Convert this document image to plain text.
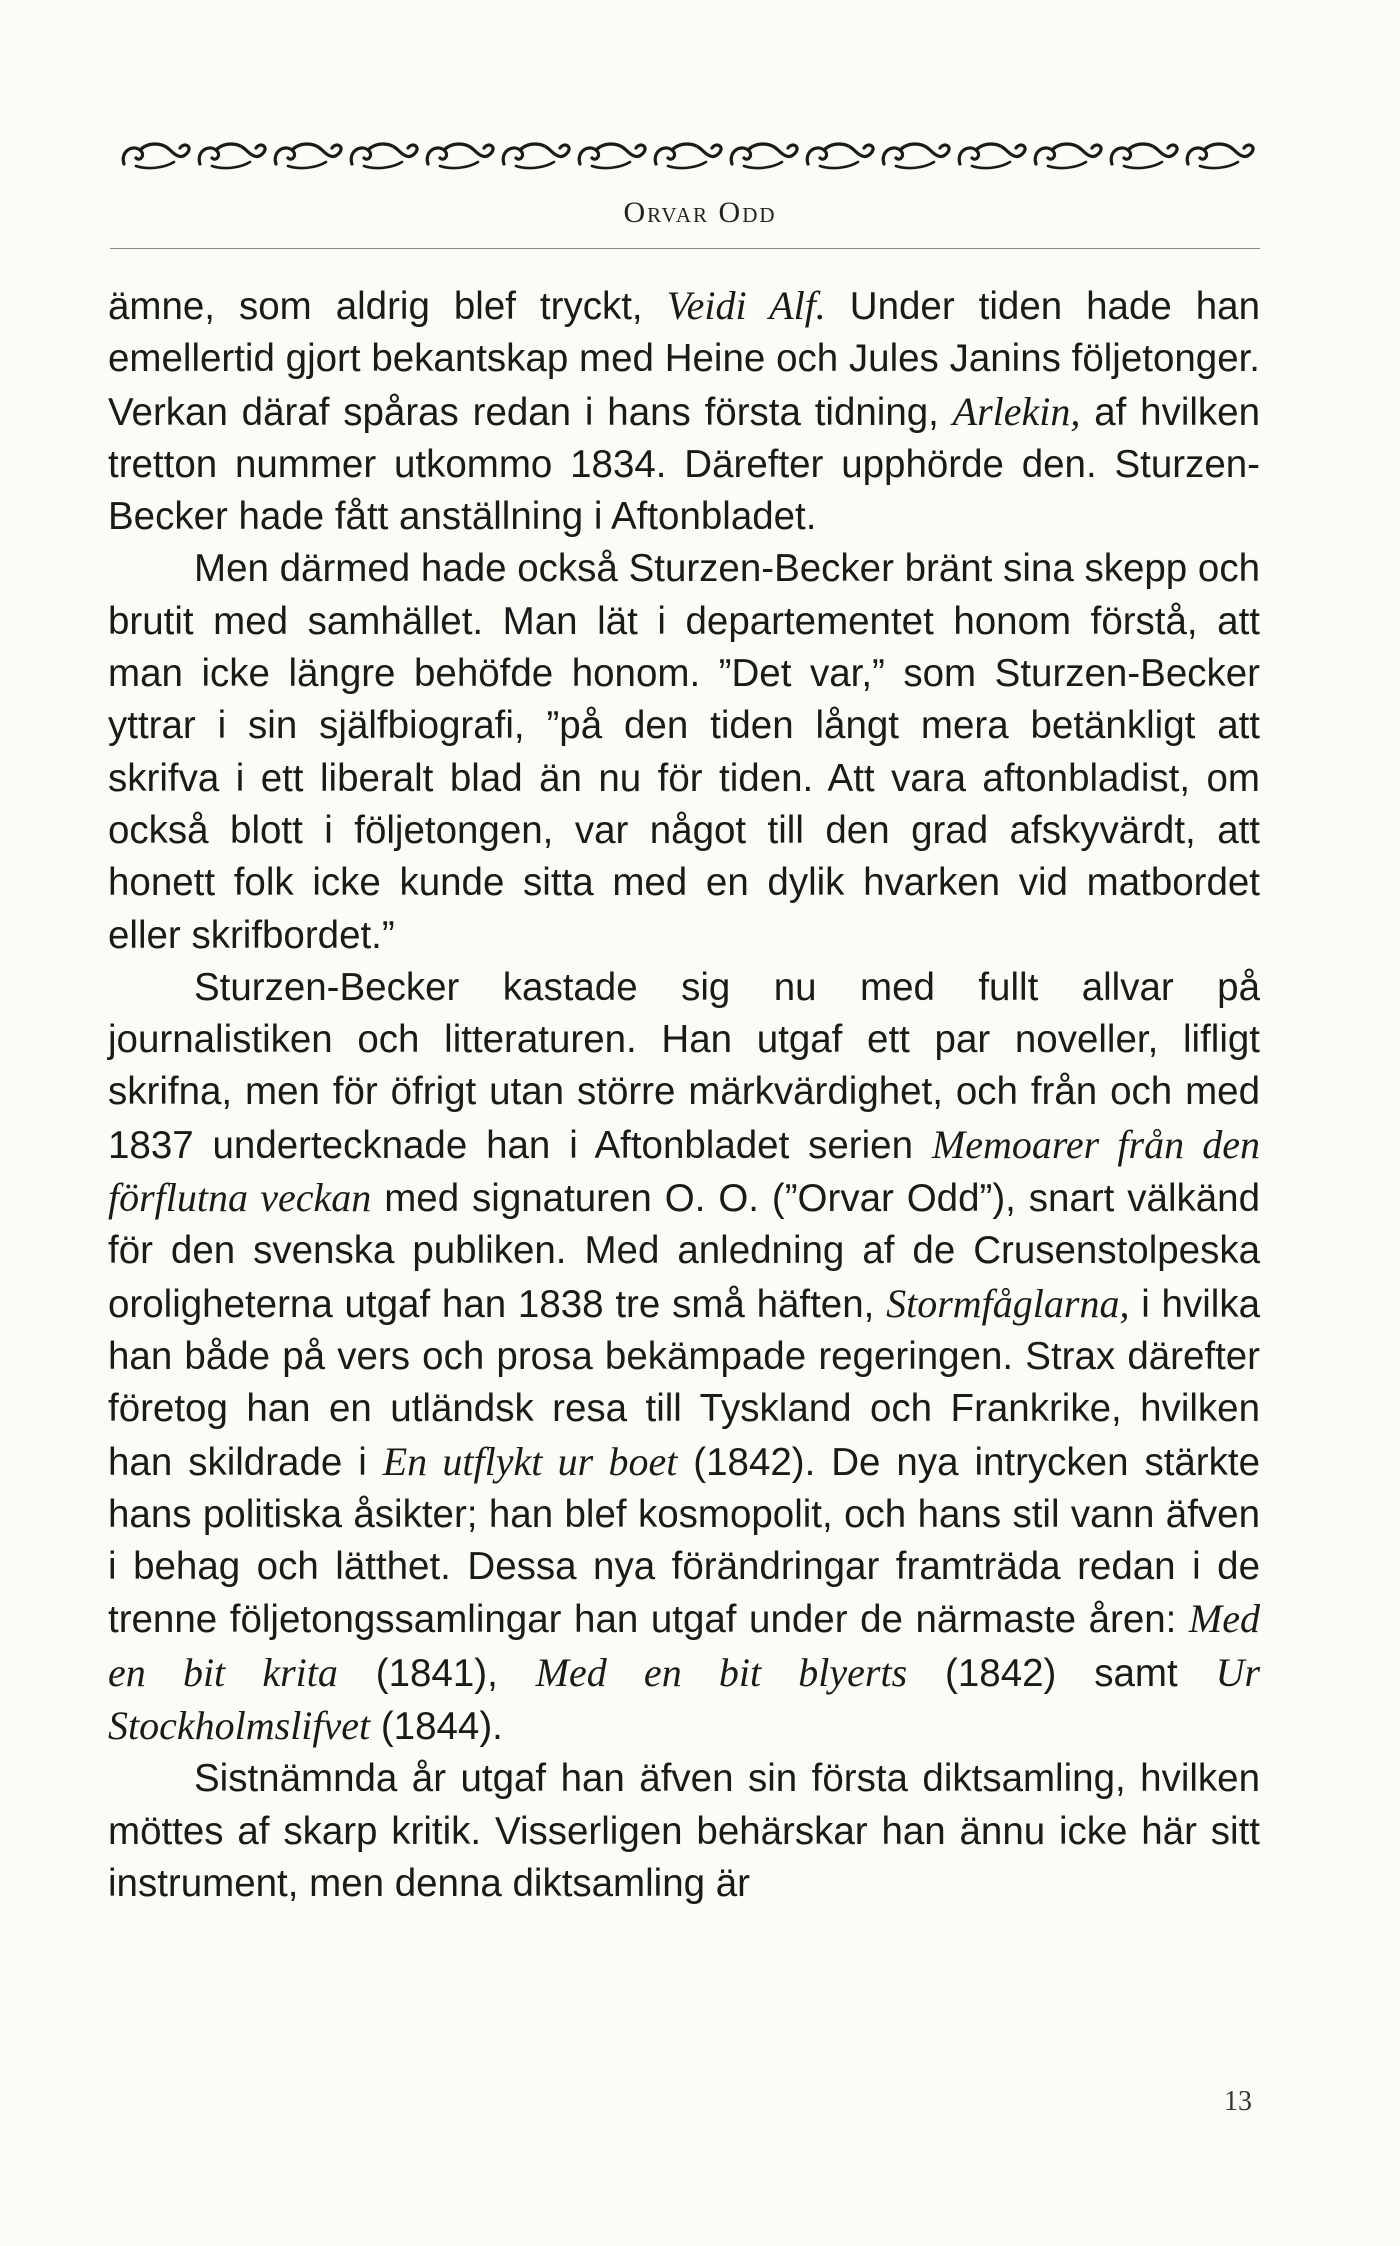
Orvar Odd

ämne, som aldrig blef tryckt, Veidi Alf. Under tiden hade han emellertid gjort bekantskap med Heine och Jules Janins följetonger. Verkan däraf spåras redan i hans första tidning, Arlekin, af hvilken tretton nummer utkommo 1834. Därefter upphörde den. Sturzen-Becker hade fått anställning i Aftonbladet.

Men därmed hade också Sturzen-Becker bränt sina skepp och brutit med samhället. Man lät i departementet honom förstå, att man icke längre behöfde honom. ”Det var,” som Sturzen-Becker yttrar i sin själfbiografi, ”på den tiden långt mera betänkligt att skrifva i ett liberalt blad än nu för tiden. Att vara aftonbladist, om också blott i följetongen, var något till den grad afskyvärdt, att honett folk icke kunde sitta med en dylik hvarken vid matbordet eller skrifbordet.”

Sturzen-Becker kastade sig nu med fullt allvar på journalistiken och litteraturen. Han utgaf ett par noveller, lifligt skrifna, men för öfrigt utan större märkvärdighet, och från och med 1837 undertecknade han i Aftonbladet serien Memoarer från den förflutna veckan med signaturen O. O. (”Orvar Odd”), snart välkänd för den svenska publiken. Med anledning af de Crusenstolpeska oroligheterna utgaf han 1838 tre små häften, Stormfåglarna, i hvilka han både på vers och prosa bekämpade regeringen. Strax därefter företog han en utländsk resa till Tyskland och Frankrike, hvilken han skildrade i En utflykt ur boet (1842). De nya intrycken stärkte hans politiska åsikter; han blef kosmopolit, och hans stil vann äfven i behag och lätthet. Dessa nya förändringar framträda redan i de trenne följetongssamlingar han utgaf under de närmaste åren: Med en bit krita (1841), Med en bit blyerts (1842) samt Ur Stockholmslifvet (1844).

Sistnämnda år utgaf han äfven sin första diktsamling, hvilken möttes af skarp kritik. Visserligen behärskar han ännu icke här sitt instrument, men denna diktsamling är

13
